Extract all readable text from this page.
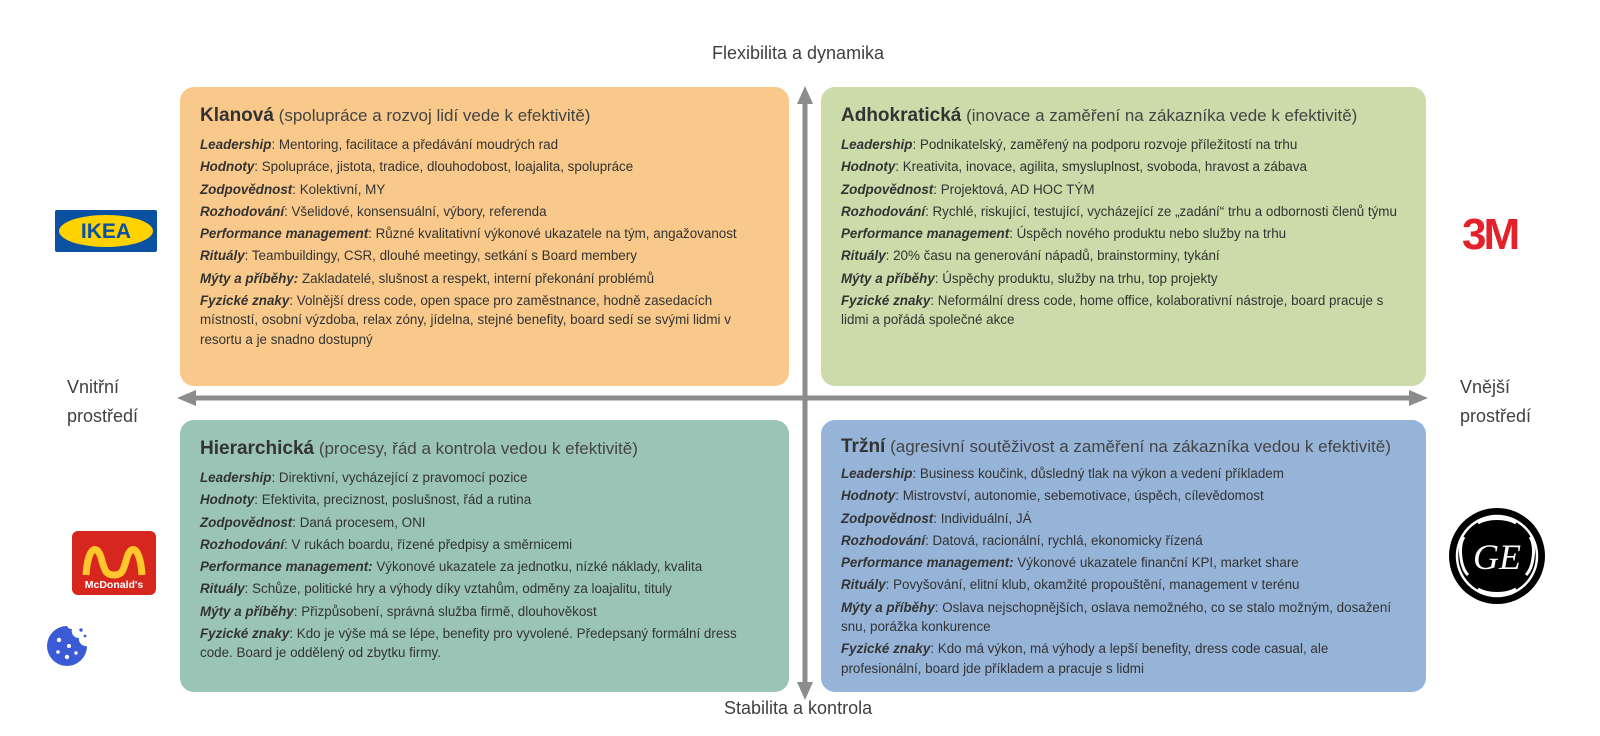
Flexibilita a dynamika
Stabilita a kontrola
Vnitřní
prostředí
Vnější
prostředí
Klanová (spolupráce a rozvoj lidí vede k efektivitě)
Leadership: Mentoring, facilitace a předávání moudrých rad
Hodnoty: Spolupráce, jistota, tradice, dlouhodobost, loajalita, spolupráce
Zodpovědnost: Kolektivní, MY
Rozhodování: Všelidové, konsensuální, výbory, referenda
Performance management: Různé kvalitativní výkonové ukazatele na tým, angažovanost
Rituály: Teambuildingy, CSR, dlouhé meetingy, setkání s Board membery
Mýty a příběhy: Zakladatelé, slušnost a respekt, interní překonání problémů
Fyzické znaky: Volnější dress code, open space pro zaměstnance, hodně zasedacích místností, osobní výzdoba, relax zóny, jídelna, stejné benefity, board sedí se svými lidmi v resortu a je snadno dostupný
Adhokratická (inovace a zaměření na zákazníka vede k efektivitě)
Leadership: Podnikatelský, zaměřený na podporu rozvoje příležitostí na trhu
Hodnoty: Kreativita, inovace, agilita, smysluplnost, svoboda, hravost a zábava
Zodpovědnost: Projektová, AD HOC TÝM
Rozhodování: Rychlé, riskující, testující, vycházející ze „zadání“ trhu a odbornosti členů týmu
Performance management: Úspěch nového produktu nebo služby na trhu
Rituály: 20% času na generování nápadů, brainstorminy, tykání
Mýty a příběhy: Úspěchy produktu, služby na trhu, top projekty
Fyzické znaky: Neformální dress code, home office, kolaborativní nástroje, board pracuje s lidmi a pořádá společné akce
Hierarchická (procesy, řád a kontrola vedou k efektivitě)
Leadership: Direktivní, vycházející z pravomocí pozice
Hodnoty: Efektivita, preciznost, poslušnost, řád a rutina
Zodpovědnost: Daná procesem, ONI
Rozhodování: V rukách boardu, řízené předpisy a směrnicemi
Performance management: Výkonové ukazatele za jednotku, nízké náklady, kvalita
Rituály: Schůze, politické hry a výhody díky vztahům, odměny za loajalitu, tituly
Mýty a příběhy: Přizpůsobení, správná služba firmě, dlouhověkost
Fyzické znaky: Kdo je výše má se lépe, benefity pro vyvolené. Předepsaný formální dress code. Board je oddělený od zbytku firmy.
Tržní (agresivní soutěživost a zaměření na zákazníka vedou k efektivitě)
Leadership: Business koučink, důsledný tlak na výkon a vedení příkladem
Hodnoty: Mistrovství, autonomie, sebemotivace, úspěch, cílevědomost
Zodpovědnost: Individuální, JÁ
Rozhodování: Datová, racionální, rychlá, ekonomicky řízená
Performance management: Výkonové ukazatele finanční KPI, market share
Rituály: Povyšování, elitní klub, okamžité propouštění, management v terénu
Mýty a příběhy: Oslava nejschopnějších, oslava nemožného, co se stalo možným, dosažení snu, porážka konkurence
Fyzické znaky: Kdo má výkon, má výhody a lepší benefity, dress code casual, ale profesionální, board jde příkladem a pracuje s lidmi
IKEA	3M
McDonald's
GE
